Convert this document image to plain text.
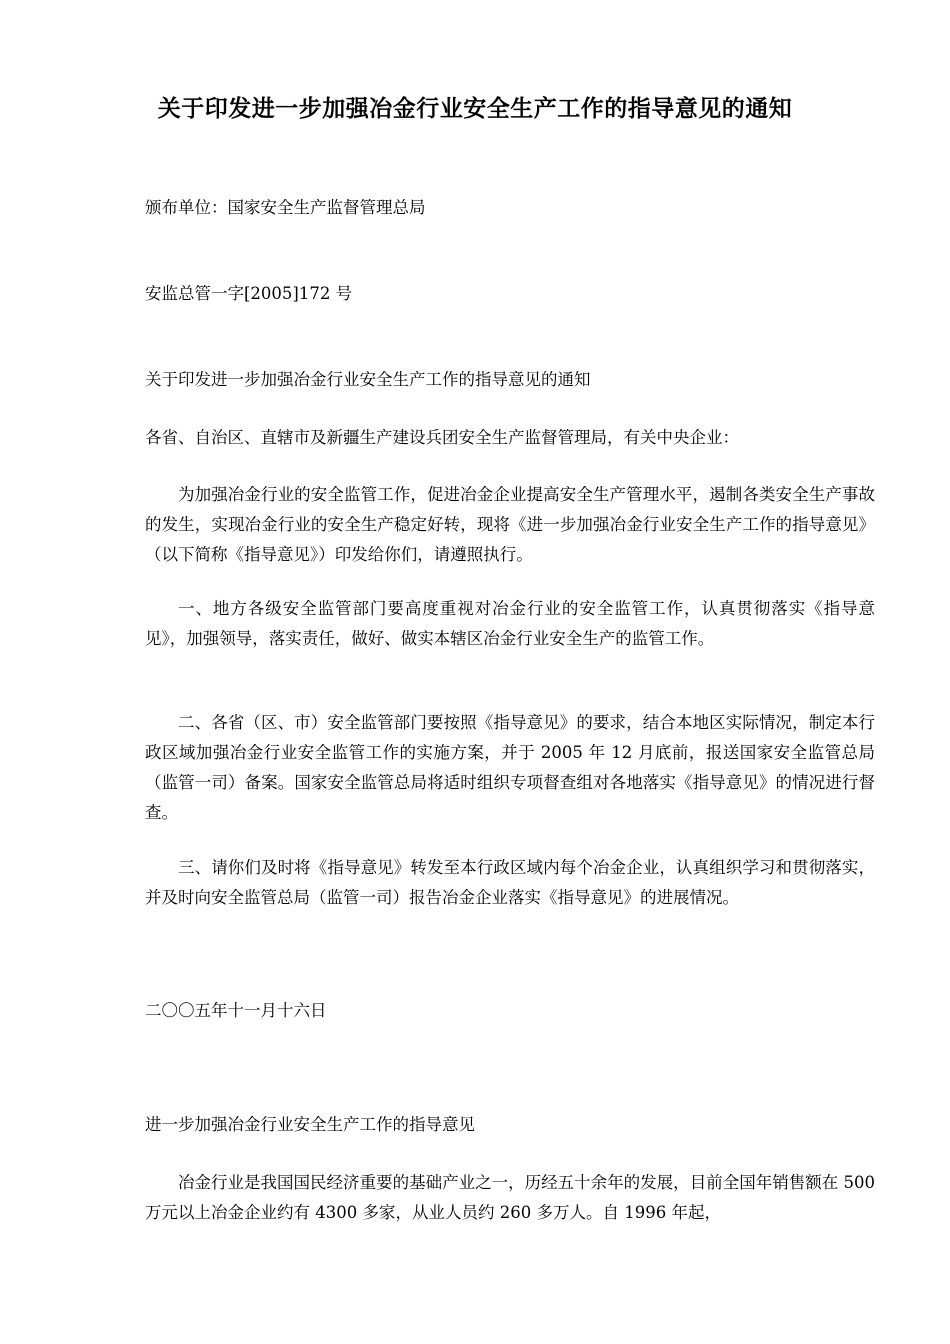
关于印发进一步加强冶金行业安全生产工作的指导意见的通知

颁布单位：国家安全生产监督管理总局

安监总管一字[2005]172 号

关于印发进一步加强冶金行业安全生产工作的指导意见的通知

各省、自治区、直辖市及新疆生产建设兵团安全生产监督管理局，有关中央企业：

为加强冶金行业的安全监管工作，促进冶金企业提高安全生产管理水平，遏制各类安全生产事故的发生，实现冶金行业的安全生产稳定好转，现将《进一步加强冶金行业安全生产工作的指导意见》（以下简称《指导意见》）印发给你们，请遵照执行。

一、地方各级安全监管部门要高度重视对冶金行业的安全监管工作，认真贯彻落实《指导意见》，加强领导，落实责任，做好、做实本辖区冶金行业安全生产的监管工作。

二、各省（区、市）安全监管部门要按照《指导意见》的要求，结合本地区实际情况，制定本行政区域加强冶金行业安全监管工作的实施方案，并于 2005 年 12 月底前，报送国家安全监管总局（监管一司）备案。国家安全监管总局将适时组织专项督查组对各地落实《指导意见》的情况进行督查。

三、请你们及时将《指导意见》转发至本行政区域内每个冶金企业，认真组织学习和贯彻落实，并及时向安全监管总局（监管一司）报告冶金企业落实《指导意见》的进展情况。

二〇〇五年十一月十六日

进一步加强冶金行业安全生产工作的指导意见

冶金行业是我国国民经济重要的基础产业之一，历经五十余年的发展，目前全国年销售额在 500 万元以上冶金企业约有 4300 多家，从业人员约 260 多万人。自 1996 年起，
